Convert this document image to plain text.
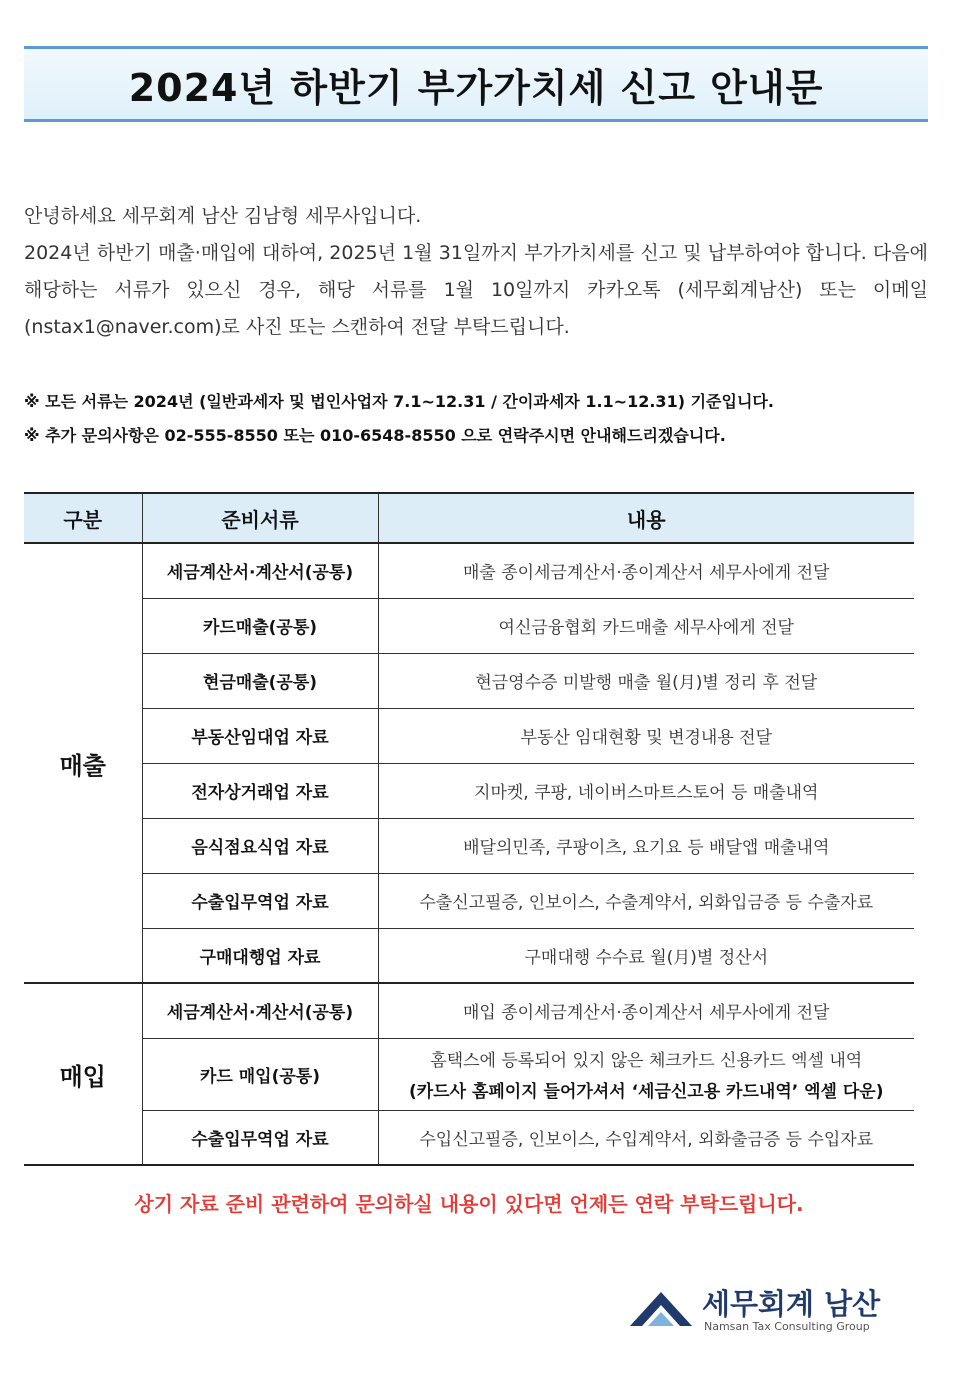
2024년 하반기 부가가치세 신고 안내문

안녕하세요 세무회계 남산 김남형 세무사입니다.

2024년 하반기 매출·매입에 대하여, 2025년 1월 31일까지 부가가치세를 신고 및 납부하여야 합니다. 다음에 해당하는 서류가 있으신 경우, 해당 서류를 1월 10일까지 카카오톡 (세무회계남산) 또는 이메일 (nstax1@naver.com)로 사진 또는 스캔하여 전달 부탁드립니다.

※ 모든 서류는 2024년 (일반과세자 및 법인사업자 7.1~12.31 / 간이과세자 1.1~12.31) 기준입니다.

※ 추가 문의사항은 02-555-8550 또는 010-6548-8550 으로 연락주시면 안내해드리겠습니다.

구분	준비서류	내용
매출	세금계산서·계산서(공통)	매출 종이세금계산서·종이계산서 세무사에게 전달
	카드매출(공통)	여신금융협회 카드매출 세무사에게 전달
	현금매출(공통)	현금영수증 미발행 매출 월(月)별 정리 후 전달
	부동산임대업 자료	부동산 임대현황 및 변경내용 전달
	전자상거래업 자료	지마켓, 쿠팡, 네이버스마트스토어 등 매출내역
	음식점요식업 자료	배달의민족, 쿠팡이츠, 요기요 등 배달앱 매출내역
	수출입무역업 자료	수출신고필증, 인보이스, 수출계약서, 외화입금증 등 수출자료
	구매대행업 자료	구매대행 수수료 월(月)별 정산서
매입	세금계산서·계산서(공통)	매입 종이세금계산서·종이계산서 세무사에게 전달
	카드 매입(공통)	홈택스에 등록되어 있지 않은 체크카드 신용카드 엑셀 내역
(카드사 홈페이지 들어가셔서 ‘세금신고용 카드내역’ 엑셀 다운)

	수출입무역업 자료	수입신고필증, 인보이스, 수입계약서, 외화출금증 등 수입자료
상기 자료 준비 관련하여 문의하실 내용이 있다면 언제든 연락 부탁드립니다.
세무회계 남산
Namsan Tax Consulting Group
